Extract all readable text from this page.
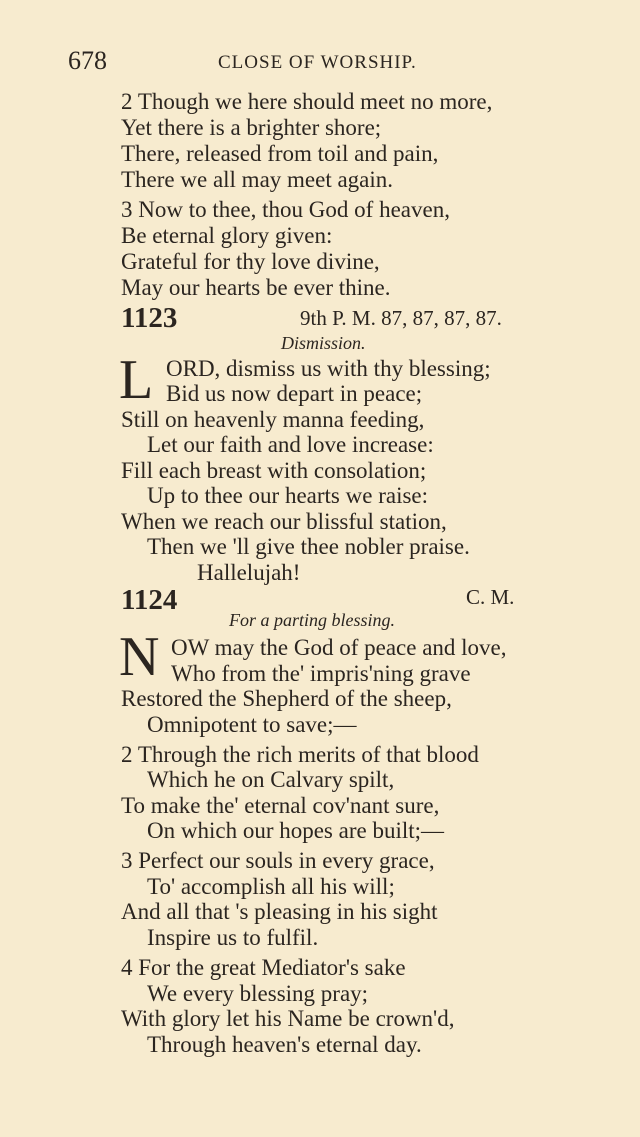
678	CLOSE OF WORSHIP.
2 Though we here should meet no more,
Yet there is a brighter shore;
There, released from toil and pain,
There we all may meet again.
3 Now to thee, thou God of heaven,
Be eternal glory given:
Grateful for thy love divine,
May our hearts be ever thine.
1123	9th P. M. 87, 87, 87, 87.
Dismission.
L ORD, dismiss us with thy blessing;
Bid us now depart in peace;
Still on heavenly manna feeding,
Let our faith and love increase:
Fill each breast with consolation;
Up to thee our hearts we raise:
When we reach our blissful station,
Then we 'll give thee nobler praise.
Hallelujah!
1124	C. M.
For a parting blessing.
N OW may the God of peace and love,
Who from the' impris'ning grave
Restored the Shepherd of the sheep,
Omnipotent to save;—
2 Through the rich merits of that blood
Which he on Calvary spilt,
To make the' eternal cov'nant sure,
On which our hopes are built;—
3 Perfect our souls in every grace,
To' accomplish all his will;
And all that 's pleasing in his sight
Inspire us to fulfil.
4 For the great Mediator's sake
We every blessing pray;
With glory let his Name be crown'd,
Through heaven's eternal day.
